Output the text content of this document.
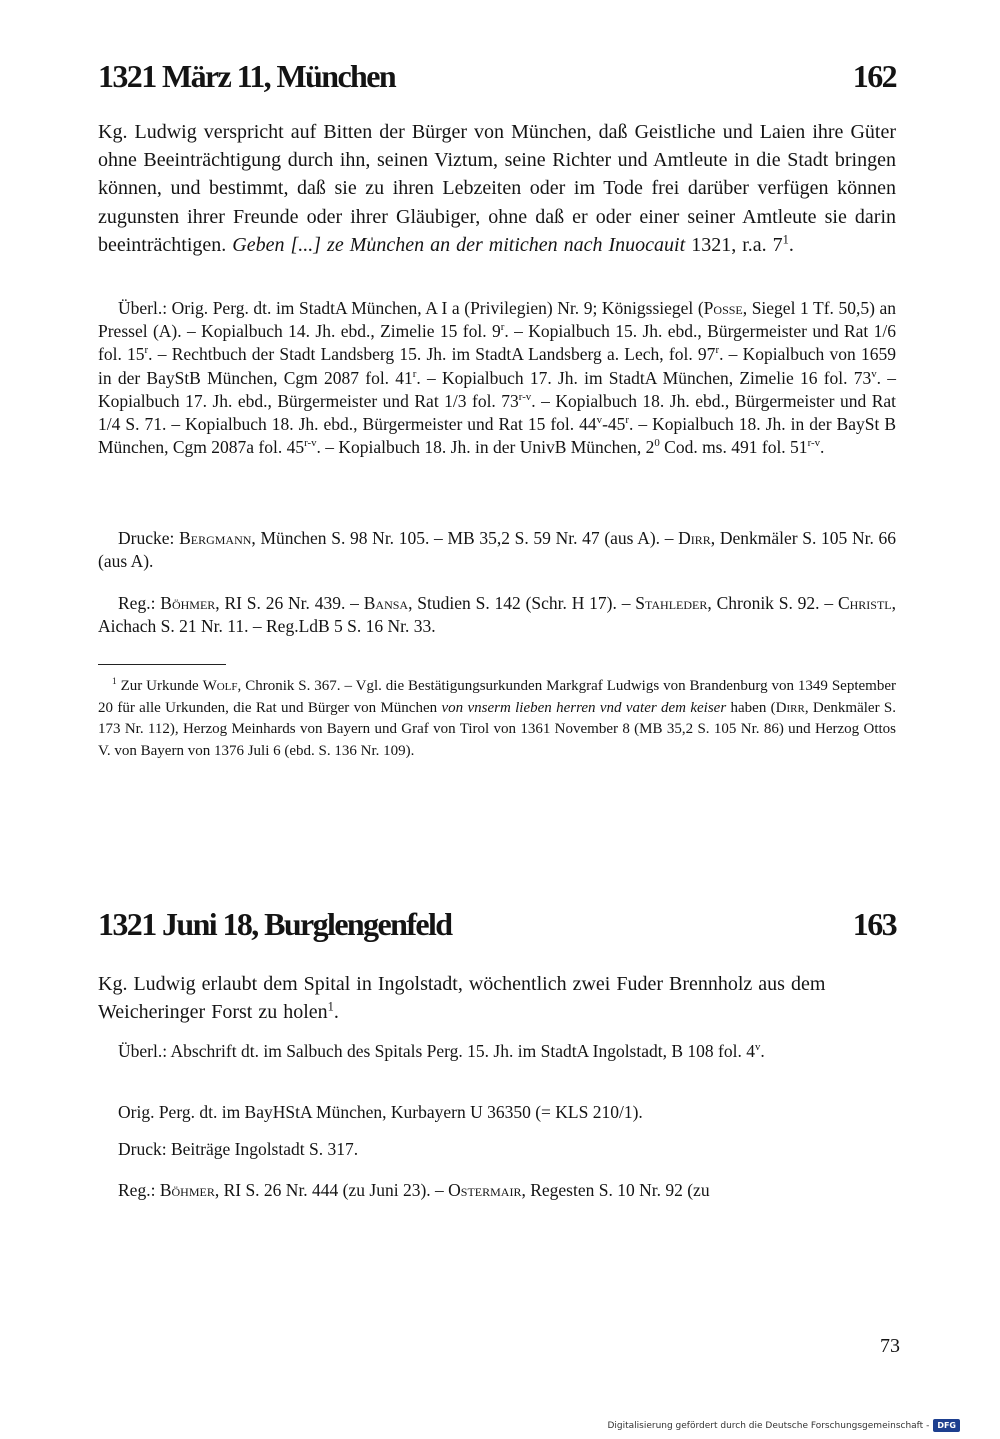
1321 März 11, München	162

Kg. Ludwig verspricht auf Bitten der Bürger von München, daß Geistliche und Laien ihre Güter ohne Beeinträchtigung durch ihn, seinen Viztum, seine Richter und Amtleute in die Stadt bringen können, und bestimmt, daß sie zu ihren Lebzeiten oder im Tode frei darüber verfügen können zugunsten ihrer Freunde oder ihrer Gläubiger, ohne daß er oder einer seiner Amtleute sie darin beeinträchtigen. Geben [...] ze Mu̍nchen an der mitichen nach Inuocauit 1321, r.a. $7^1$.

Überl.: Orig. Perg. dt. im StadtA München, A I a (Privilegien) Nr. 9; Königssiegel (Posse, Siegel 1 Tf. 50,5) an Pressel (A). – Kopialbuch 14. Jh. ebd., Zimelie 15 fol. 9$^r$. – Kopialbuch 15. Jh. ebd., Bürgermeister und Rat 1/6 fol. 15$^r$. – Rechtbuch der Stadt Landsberg 15. Jh. im StadtA Landsberg a. Lech, fol. 97$^r$. – Kopialbuch von 1659 in der BayStB München, Cgm 2087 fol. 41$^r$. – Kopialbuch 17. Jh. im StadtA München, Zimelie 16 fol. 73$^v$. – Kopialbuch 17. Jh. ebd., Bürgermeister und Rat 1/3 fol. 73$^{r-v}$. – Kopialbuch 18. Jh. ebd., Bürgermeister und Rat 1/4 S. 71. – Kopialbuch 18. Jh. ebd., Bürgermeister und Rat 15 fol. 44$^v$-45$^r$. – Kopialbuch 18. Jh. in der BaySt B München, Cgm 2087a fol. 45$^{r-v}$. – Kopialbuch 18. Jh. in der UnivB München, $2^0$ Cod. ms. 491 fol. 51$^{r-v}$.

Drucke: Bergmann, München S. 98 Nr. 105. – MB 35,2 S. 59 Nr. 47 (aus A). – Dirr, Denkmäler S. 105 Nr. 66 (aus A).

Reg.: Böhmer, RI S. 26 Nr. 439. – Bansa, Studien S. 142 (Schr. H 17). – Stahleder, Chronik S. 92. – Christl, Aichach S. 21 Nr. 11. – Reg.LdB 5 S. 16 Nr. 33.

$^1$ Zur Urkunde Wolf, Chronik S. 367. – Vgl. die Bestätigungsurkunden Markgraf Ludwigs von Brandenburg von 1349 September 20 für alle Urkunden, die Rat und Bürger von München von vnserm lieben herren vnd vater dem keiser haben (Dirr, Denkmäler S. 173 Nr. 112), Herzog Meinhards von Bayern und Graf von Tirol von 1361 November 8 (MB 35,2 S. 105 Nr. 86) und Herzog Ottos V. von Bayern von 1376 Juli 6 (ebd. S. 136 Nr. 109).

1321 Juni 18, Burglengenfeld	163

Kg. Ludwig erlaubt dem Spital in Ingolstadt, wöchentlich zwei Fuder Brennholz aus dem Weicheringer Forst zu holen$^1$.

Überl.: Abschrift dt. im Salbuch des Spitals Perg. 15. Jh. im StadtA Ingolstadt, B 108 fol. 4$^v$.

Orig. Perg. dt. im BayHStA München, Kurbayern U 36350 (= KLS 210/1).

Druck: Beiträge Ingolstadt S. 317.

Reg.: Böhmer, RI S. 26 Nr. 444 (zu Juni 23). – Ostermair, Regesten S. 10 Nr. 92 (zu

73
Digitalisierung gefördert durch die Deutsche Forschungsgemeinschaft -	DFG
